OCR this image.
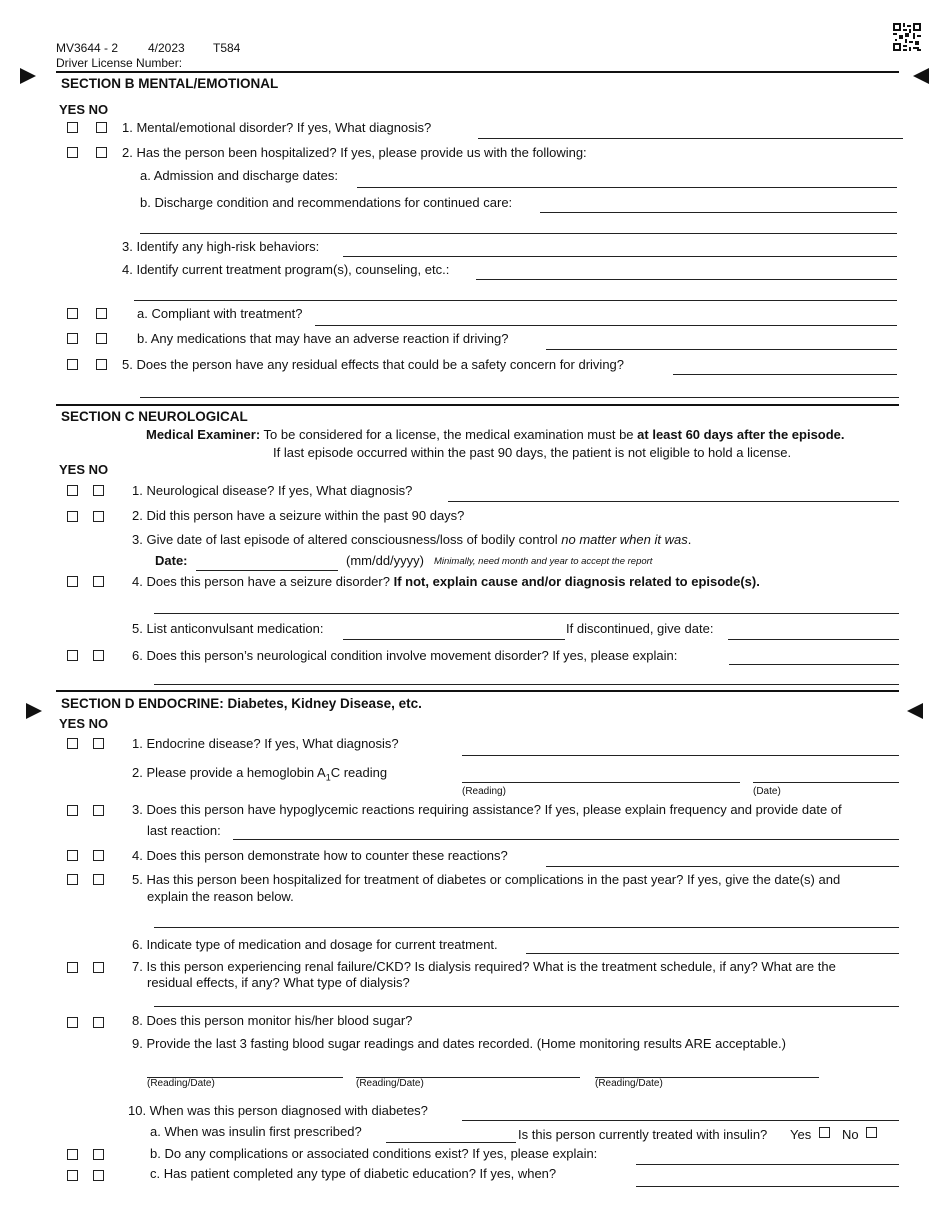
MV3644 - 2 4/2023 T584
Driver License Number:
SECTION B MENTAL/EMOTIONAL
YES NO
1. Mental/emotional disorder? If yes, What diagnosis?
2. Has the person been hospitalized? If yes, please provide us with the following:
a. Admission and discharge dates:
b. Discharge condition and recommendations for continued care:
3. Identify any high-risk behaviors:
4. Identify current treatment program(s), counseling, etc.:
a. Compliant with treatment?
b. Any medications that may have an adverse reaction if driving?
5. Does the person have any residual effects that could be a safety concern for driving?
SECTION C NEUROLOGICAL
Medical Examiner: To be considered for a license, the medical examination must be at least 60 days after the episode.
If last episode occurred within the past 90 days, the patient is not eligible to hold a license.
YES NO
1. Neurological disease? If yes, What diagnosis?
2. Did this person have a seizure within the past 90 days?
3. Give date of last episode of altered consciousness/loss of bodily control no matter when it was.
Date:	(mm/dd/yyyy) Minimally, need month and year to accept the report
4. Does this person have a seizure disorder? If not, explain cause and/or diagnosis related to episode(s).
5. List anticonvulsant medication:	If discontinued, give date:
6. Does this person’s neurological condition involve movement disorder? If yes, please explain:
SECTION D ENDOCRINE: Diabetes, Kidney Disease, etc.
YES NO
1. Endocrine disease? If yes, What diagnosis?
2. Please provide a hemoglobin $A_1C$ reading
(Reading)	(Date)
3. Does this person have hypoglycemic reactions requiring assistance? If yes, please explain frequency and provide date of
last reaction:
4. Does this person demonstrate how to counter these reactions?
5. Has this person been hospitalized for treatment of diabetes or complications in the past year? If yes, give the date(s) and
explain the reason below.
6. Indicate type of medication and dosage for current treatment.
7. Is this person experiencing renal failure/CKD? Is dialysis required? What is the treatment schedule, if any? What are the
residual effects, if any? What type of dialysis?
8. Does this person monitor his/her blood sugar?
9. Provide the last 3 fasting blood sugar readings and dates recorded. (Home monitoring results ARE acceptable.)
(Reading/Date)	(Reading/Date)	(Reading/Date)
10. When was this person diagnosed with diabetes?
a. When was insulin first prescribed?	Is this person currently treated with insulin? Yes No
b. Do any complications or associated conditions exist? If yes, please explain:
c. Has patient completed any type of diabetic education? If yes, when?
